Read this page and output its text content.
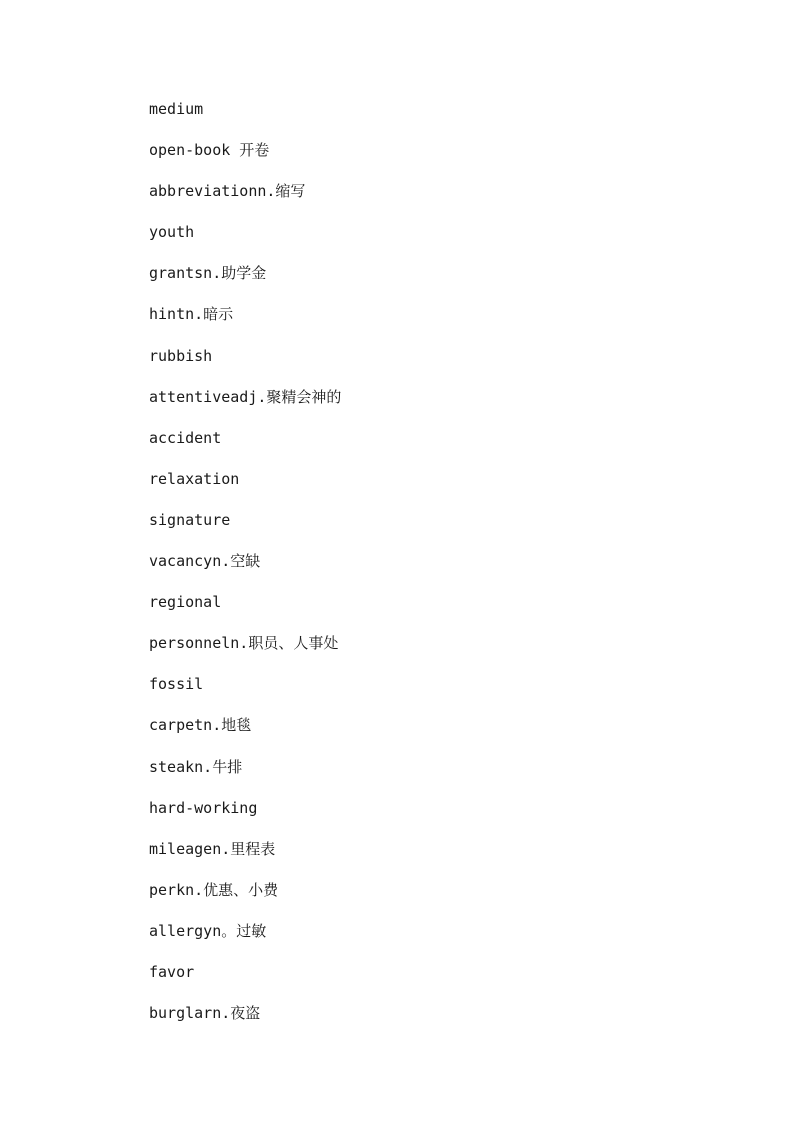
medium
open-book 开卷
abbreviationn.缩写
youth
grantsn.助学金
hintn.暗示
rubbish
attentiveadj.聚精会神的
accident
relaxation
signature
vacancyn.空缺
regional
personneln.职员、人事处
fossil
carpetn.地毯
steakn.牛排
hard-working
mileagen.里程表
perkn.优惠、小费
allergyn。过敏
favor
burglarn.夜盗
